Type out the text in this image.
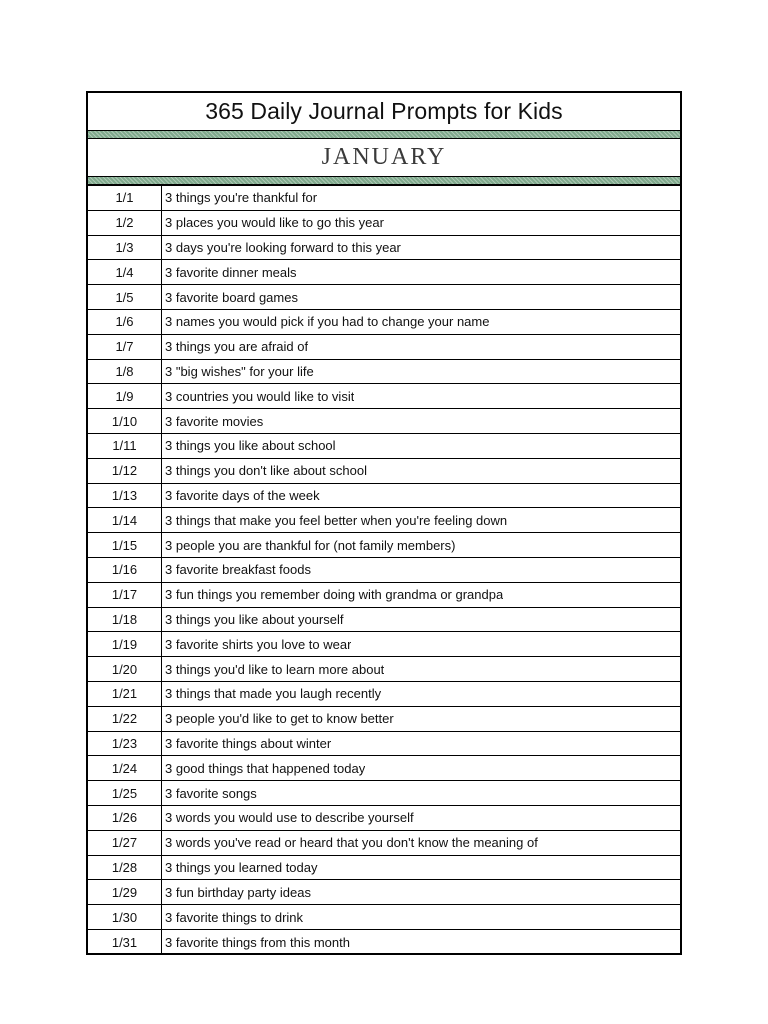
365 Daily Journal Prompts for Kids
JANUARY
1/1	3 things you're thankful for
1/2	3 places you would like to go this year
1/3	3 days you're looking forward to this year
1/4	3 favorite dinner meals
1/5	3 favorite board games
1/6	3 names you would pick if you had to change your name
1/7	3 things you are afraid of
1/8	3 "big wishes" for your life
1/9	3 countries you would like to visit
1/10	3 favorite movies
1/11	3 things you like about school
1/12	3 things you don't like about school
1/13	3 favorite days of the week
1/14	3 things that make you feel better when you're feeling down
1/15	3 people you are thankful for (not family members)
1/16	3 favorite breakfast foods
1/17	3 fun things you remember doing with grandma or grandpa
1/18	3 things you like about yourself
1/19	3 favorite shirts you love to wear
1/20	3 things you'd like to learn more about
1/21	3 things that made you laugh recently
1/22	3 people you'd like to get to know better
1/23	3 favorite things about winter
1/24	3 good things that happened today
1/25	3 favorite songs
1/26	3 words you would use to describe yourself
1/27	3 words you've read or heard that you don't know the meaning of
1/28	3 things you learned today
1/29	3 fun birthday party ideas
1/30	3 favorite things to drink
1/31	3 favorite things from this month
